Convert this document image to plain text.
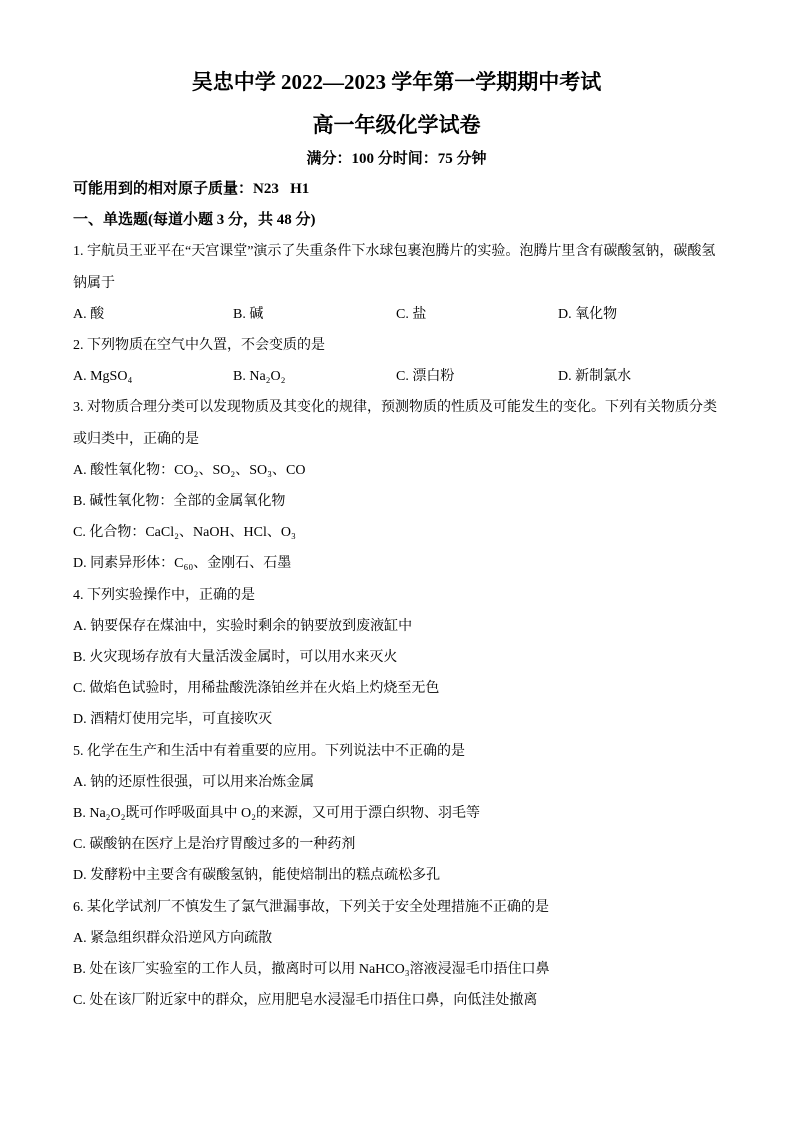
吴忠中学 2022—2023 学年第一学期期中考试
高一年级化学试卷
满分：100 分时间：75 分钟
可能用到的相对原子质量：N23   H1
一、单选题(每道小题 3 分，共 48 分)
1. 宇航员王亚平在“天宫课堂”演示了失重条件下水球包裹泡腾片的实验。泡腾片里含有碳酸氢钠，碳酸氢钠属于
A. 酸	B. 碱	C. 盐	D. 氧化物
2. 下列物质在空气中久置，不会变质的是
A. MgSO₄	B. Na₂O₂	C. 漂白粉	D. 新制氯水
3. 对物质合理分类可以发现物质及其变化的规律，预测物质的性质及可能发生的变化。下列有关物质分类或归类中，正确的是
A. 酸性氧化物：CO₂、SO₂、SO₃、CO
B. 碱性氧化物：全部的金属氧化物
C. 化合物：CaCl₂、NaOH、HCl、O₃
D. 同素异形体：C₆₀、金刚石、石墨
4. 下列实验操作中，正确的是
A. 钠要保存在煤油中，实验时剩余的钠要放到废液缸中
B. 火灾现场存放有大量活泼金属时，可以用水来灭火
C. 做焰色试验时，用稀盐酸洗涤铂丝并在火焰上灼烧至无色
D. 酒精灯使用完毕，可直接吹灭
5. 化学在生产和生活中有着重要的应用。下列说法中不正确的是
A. 钠的还原性很强，可以用来冶炼金属
B. Na₂O₂既可作呼吸面具中 O₂的来源，又可用于漂白织物、羽毛等
C. 碳酸钠在医疗上是治疗胃酸过多的一种药剂
D. 发酵粉中主要含有碳酸氢钠，能使焙制出的糕点疏松多孔
6. 某化学试剂厂不慎发生了氯气泄漏事故，下列关于安全处理措施不正确的是
A. 紧急组织群众沿逆风方向疏散
B. 处在该厂实验室的工作人员，撤离时可以用 NaHCO₃溶液浸湿毛巾捂住口鼻
C. 处在该厂附近家中的群众，应用肥皂水浸湿毛巾捂住口鼻，向低洼处撤离
